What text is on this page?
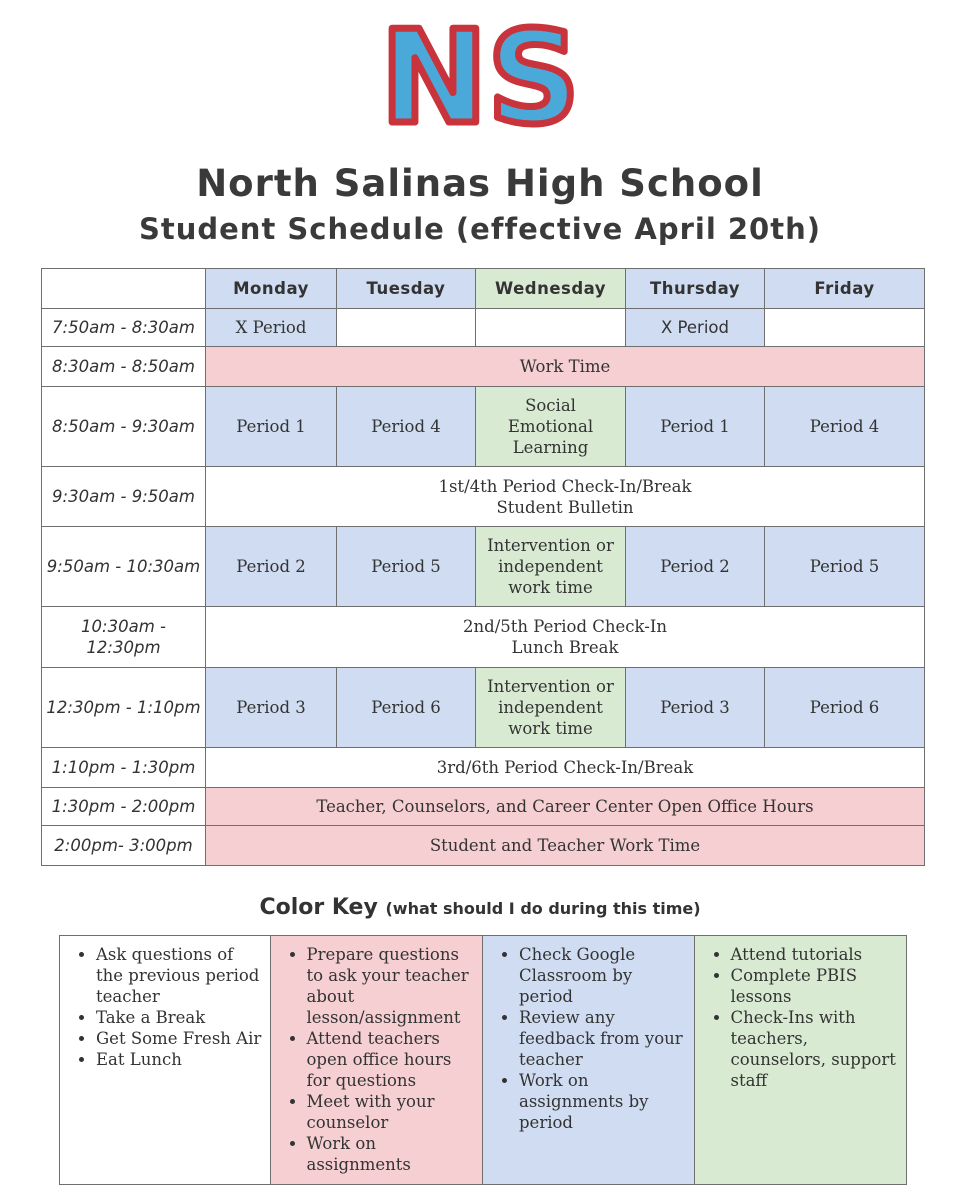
NS
North Salinas High School
Student Schedule (effective April 20th)
	Monday	Tuesday	Wednesday	Thursday	Friday
7:50am - 8:30am	X Period			X Period	
8:30am - 8:50am	Work Time				
8:50am - 9:30am	Period 1	Period 4	Social Emotional Learning	Period 1	Period 4
9:30am - 9:50am	1st/4th Period Check-In/Break
Student Bulletin				

9:50am - 10:30am	Period 2	Period 5	Intervention or independent work time	Period 2	Period 5
10:30am - 12:30pm	2nd/5th Period Check-In
Lunch Break				

12:30pm - 1:10pm	Period 3	Period 6	Intervention or independent work time	Period 3	Period 6
1:10pm - 1:30pm	3rd/6th Period Check-In/Break				
1:30pm - 2:00pm	Teacher, Counselors, and Career Center Open Office Hours				
2:00pm- 3:00pm	Student and Teacher Work Time				
Color Key (what should I do during this time)
• Ask questions of the previous period teacher
• Take a Break
• Get Some Fresh Air
• Eat Lunch
• Prepare questions to ask your teacher about lesson/assignment
• Attend teachers open office hours for questions
• Meet with your counselor
• Work on assignments
• Check Google Classroom by period
• Review any feedback from your teacher
• Work on assignments by period
• Attend tutorials
• Complete PBIS lessons
• Check-Ins with teachers, counselors, support staff
